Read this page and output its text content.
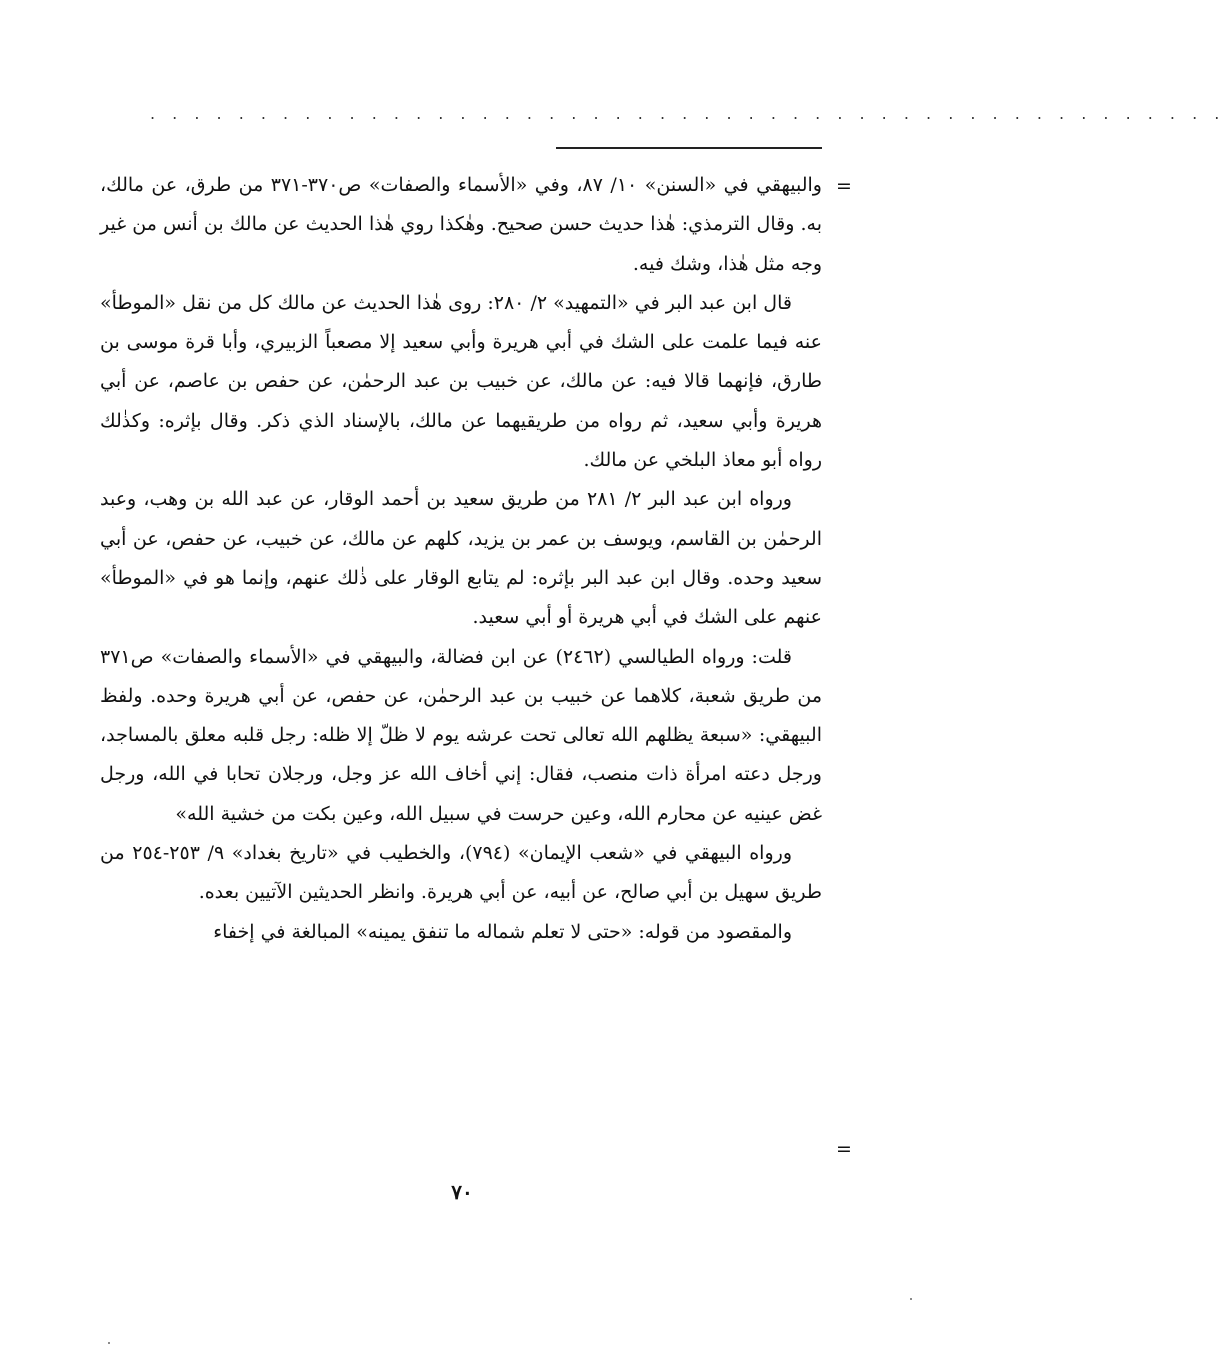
. . . . . . . . . . . . . . . . . . . . . . . . . . . . . . . . . . . . . . . . . . . . . . . . .
=

والبيهقي في «السنن» ١٠/ ٨٧، وفي «الأسماء والصفات» ص٣٧٠-٣٧١ من طرق، عن مالك، به. وقال الترمذي: هٰذا حديث حسن صحيح. وهٰكذا روي هٰذا الحديث عن مالك بن أنس من غير وجه مثل هٰذا، وشك فيه.

قال ابن عبد البر في «التمهيد» ٢/ ٢٨٠: روى هٰذا الحديث عن مالك كل من نقل «الموطأ» عنه فيما علمت على الشك في أبي هريرة وأبي سعيد إلا مصعباً الزبيري، وأبا قرة موسى بن طارق، فإنهما قالا فيه: عن مالك، عن خبيب بن عبد الرحمٰن، عن حفص بن عاصم، عن أبي هريرة وأبي سعيد، ثم رواه من طريقيهما عن مالك، بالإسناد الذي ذكر. وقال بإثره: وكذٰلك رواه أبو معاذ البلخي عن مالك.

ورواه ابن عبد البر ٢/ ٢٨١ من طريق سعيد بن أحمد الوقار، عن عبد الله بن وهب، وعبد الرحمٰن بن القاسم، ويوسف بن عمر بن يزيد، كلهم عن مالك، عن خبيب، عن حفص، عن أبي سعيد وحده. وقال ابن عبد البر بإثره: لم يتابع الوقار على ذٰلك عنهم، وإنما هو في «الموطأ» عنهم على الشك في أبي هريرة أو أبي سعيد.

قلت: ورواه الطيالسي (٢٤٦٢) عن ابن فضالة، والبيهقي في «الأسماء والصفات» ص٣٧١ من طريق شعبة، كلاهما عن خبيب بن عبد الرحمٰن، عن حفص، عن أبي هريرة وحده. ولفظ البيهقي: «سبعة يظلهم الله تعالى تحت عرشه يوم لا ظلّ إلا ظله: رجل قلبه معلق بالمساجد، ورجل دعته امرأة ذات منصب، فقال: إني أخاف الله عز وجل، ورجلان تحابا في الله، ورجل غض عينيه عن محارم الله، وعين حرست في سبيل الله، وعين بكت من خشية الله»

ورواه البيهقي في «شعب الإيمان» (٧٩٤)، والخطيب في «تاريخ بغداد» ٩/ ٢٥٣-٢٥٤ من طريق سهيل بن أبي صالح، عن أبيه، عن أبي هريرة. وانظر الحديثين الآتيين بعده.

والمقصود من قوله: «حتى لا تعلم شماله ما تنفق يمينه» المبالغة في إخفاء

=
٧٠
